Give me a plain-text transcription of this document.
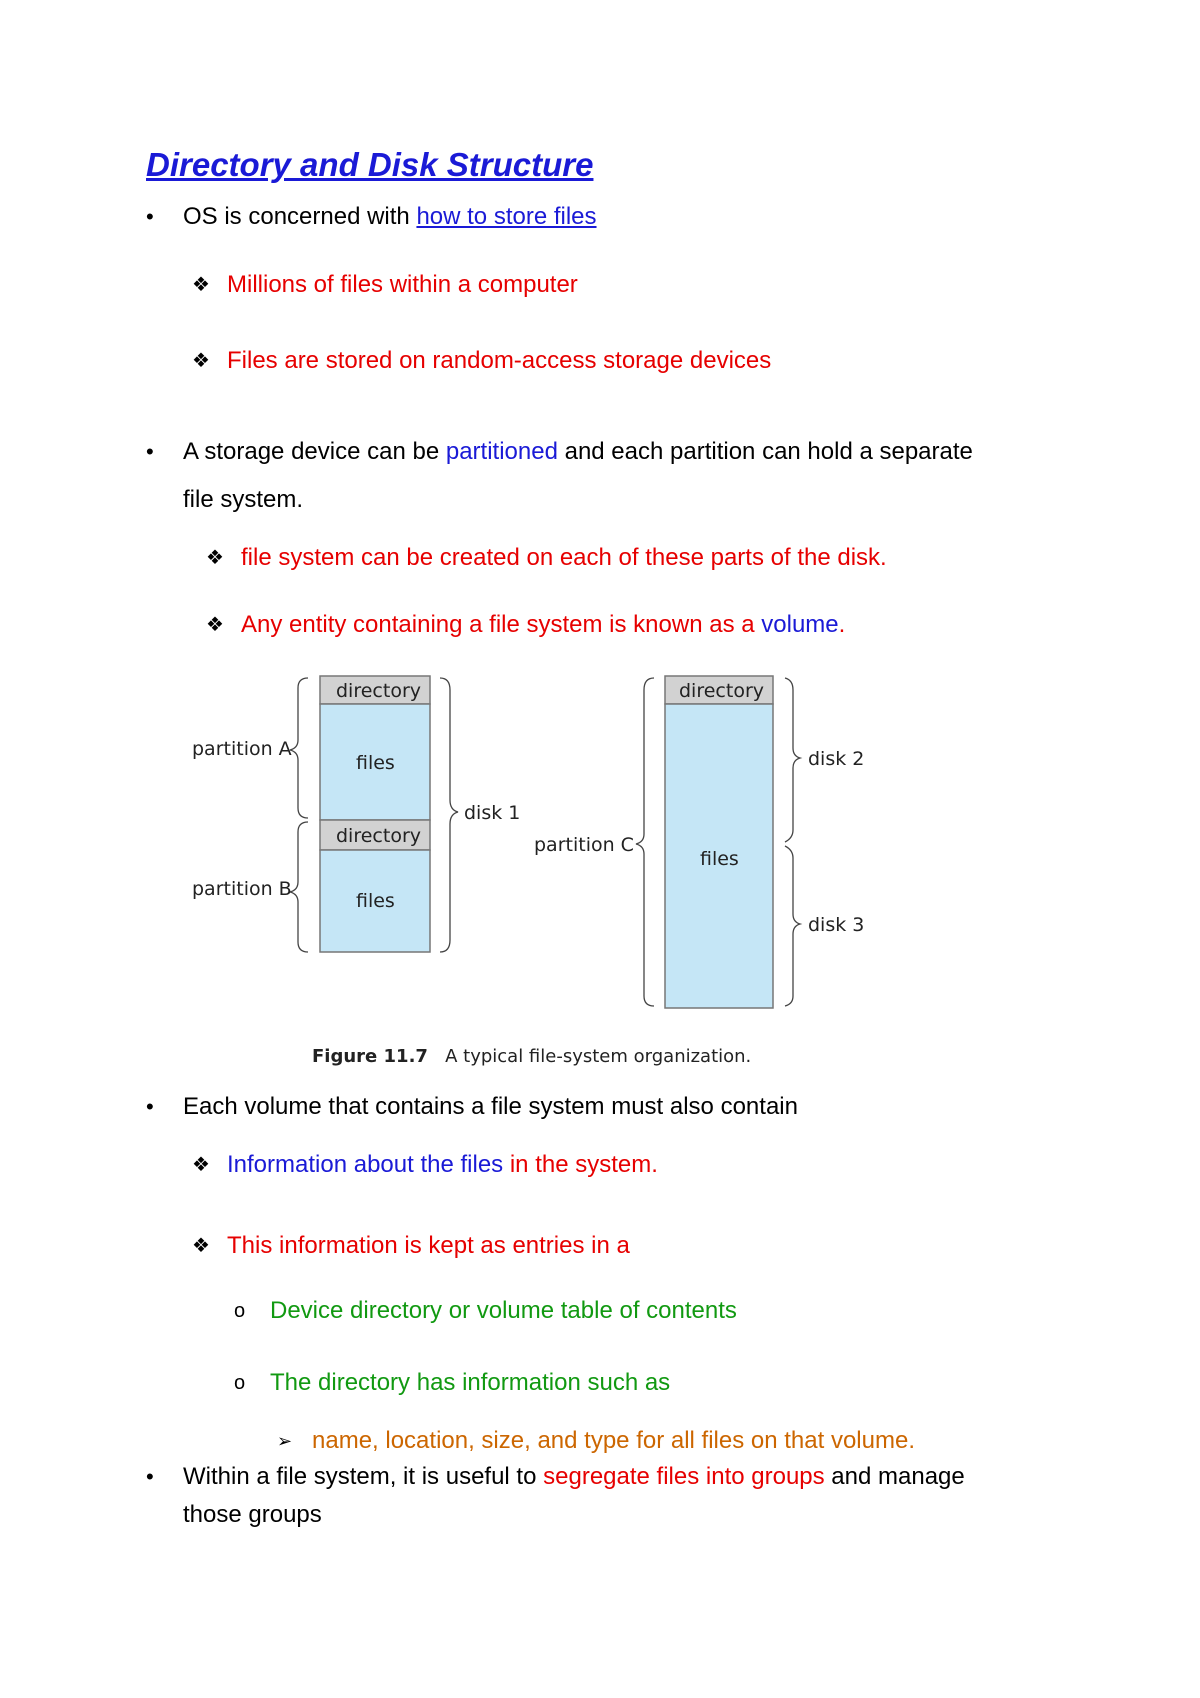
Directory and Disk Structure
• OS is concerned with how to store files
❖ Millions of files within a computer
❖ Files are stored on random-access storage devices
• A storage device can be partitioned and each partition can hold a separate
file system.
❖ file system can be created on each of these parts of the disk.
❖ Any entity containing a file system is known as a volume.
directory
files
directory
files
partition A
partition B
disk 1
directory
files
partition C
disk 2
disk 3
Figure 11.7 A typical file-system organization.
• Each volume that contains a file system must also contain
❖ Information about the files in the system.
❖ This information is kept as entries in a
o Device directory or volume table of contents
o The directory has information such as
➢ name, location, size, and type for all files on that volume.
• Within a file system, it is useful to segregate files into groups and manage
those groups
